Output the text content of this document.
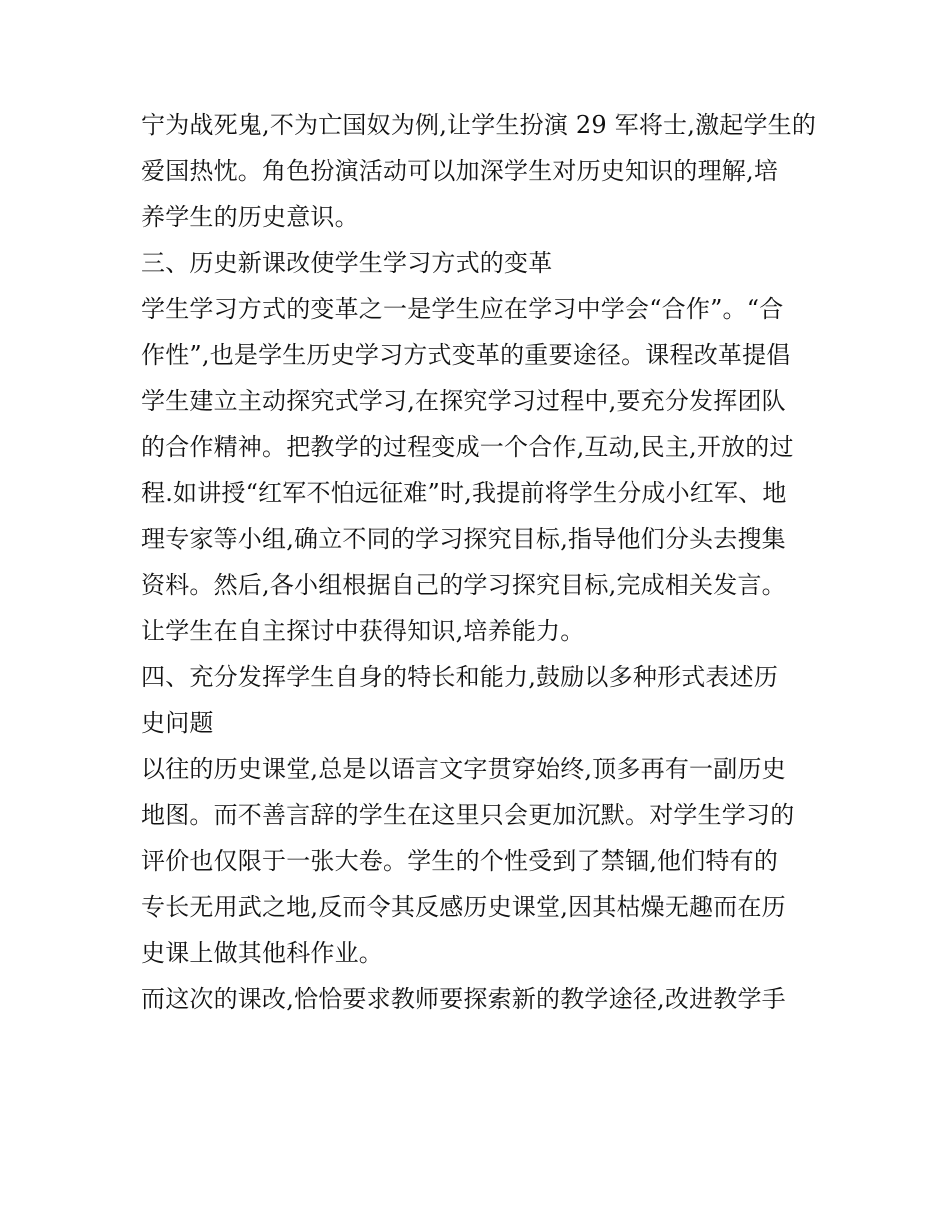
宁为战死鬼,不为亡国奴为例,让学生扮演 29 军将士,激起学生的
爱国热忱。角色扮演活动可以加深学生对历史知识的理解,培
养学生的历史意识。
三、历史新课改使学生学习方式的变革
学生学习方式的变革之一是学生应在学习中学会“合作”。“合
作性”,也是学生历史学习方式变革的重要途径。课程改革提倡
学生建立主动探究式学习,在探究学习过程中,要充分发挥团队
的合作精神。把教学的过程变成一个合作,互动,民主,开放的过
程.如讲授“红军不怕远征难”时,我提前将学生分成小红军、地
理专家等小组,确立不同的学习探究目标,指导他们分头去搜集
资料。然后,各小组根据自己的学习探究目标,完成相关发言。
让学生在自主探讨中获得知识,培养能力。
四、充分发挥学生自身的特长和能力,鼓励以多种形式表述历
史问题
以往的历史课堂,总是以语言文字贯穿始终,顶多再有一副历史
地图。而不善言辞的学生在这里只会更加沉默。对学生学习的
评价也仅限于一张大卷。学生的个性受到了禁锢,他们特有的
专长无用武之地,反而令其反感历史课堂,因其枯燥无趣而在历
史课上做其他科作业。
而这次的课改,恰恰要求教师要探索新的教学途径,改进教学手
